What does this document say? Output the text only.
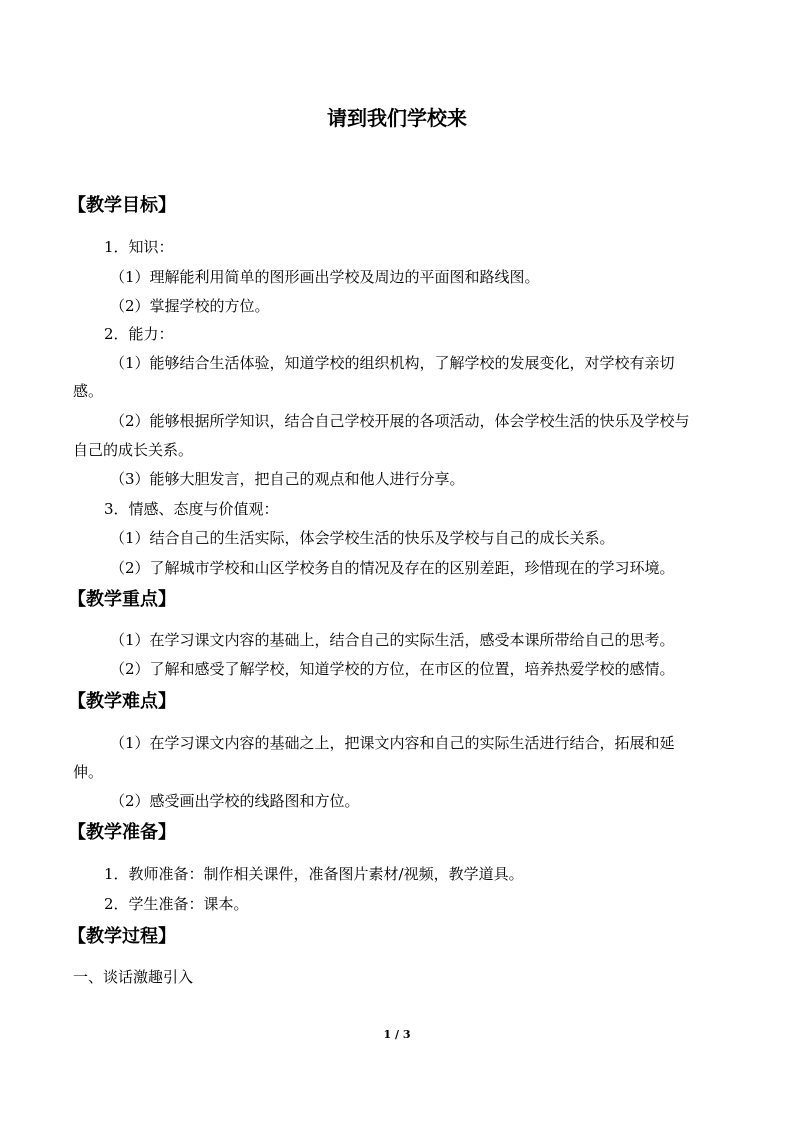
请到我们学校来
【教学目标】
1．知识：
（1）理解能利用简单的图形画出学校及周边的平面图和路线图。
（2）掌握学校的方位。
2．能力：
（1）能够结合生活体验，知道学校的组织机构，了解学校的发展变化，对学校有亲切
感。
（2）能够根据所学知识，结合自己学校开展的各项活动，体会学校生活的快乐及学校与
自己的成长关系。
（3）能够大胆发言，把自己的观点和他人进行分享。
3．情感、态度与价值观：
（1）结合自己的生活实际，体会学校生活的快乐及学校与自己的成长关系。
（2）了解城市学校和山区学校务自的情况及存在的区别差距，珍惜现在的学习环境。
【教学重点】
（1）在学习课文内容的基础上，结合自己的实际生活，感受本课所带给自己的思考。
（2）了解和感受了解学校，知道学校的方位，在市区的位置，培养热爱学校的感情。
【教学难点】
（1）在学习课文内容的基础之上，把课文内容和自己的实际生活进行结合，拓展和延
伸。
（2）感受画出学校的线路图和方位。
【教学准备】
1．教师准备：制作相关课件，准备图片素材/视频，教学道具。
2．学生准备：课本。
【教学过程】
一、谈话激趣引入
1 / 3
